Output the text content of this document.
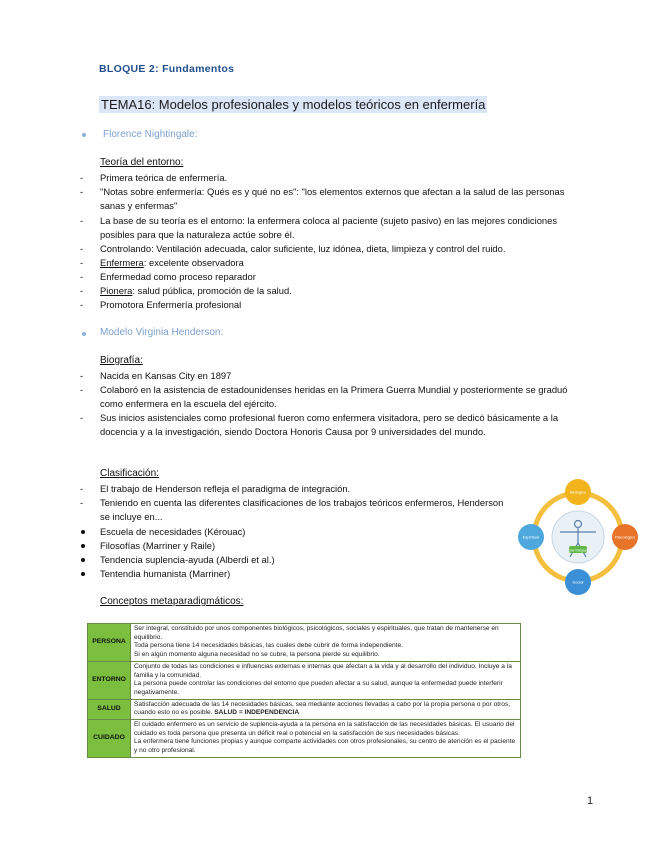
BLOQUE 2: Fundamentos
TEMA16: Modelos profesionales y modelos teóricos en enfermería
Florence Nightingale:
Teoría del entorno:
- Primera teórica de enfermería.
- "Notas sobre enfermería: Qués es y qué no es": "los elementos externos que afectan a la salud de las personas sanas y enfermas"
- La base de su teoría es el entorno: la enfermera coloca al paciente (sujeto pasivo) en las mejores condiciones posibles para que la naturaleza actúe sobre él.
- Controlando: Ventilación adecuada, calor suficiente, luz idónea, dieta, limpieza y control del ruido.
- Enfermera: excelente observadora
- Enfermedad como proceso reparador
- Pionera: salud pública, promoción de la salud.
- Promotora Enfermería profesional
Modelo Virginia Henderson:
Biografía:
- Nacida en Kansas City en 1897
- Colaboró en la asistencia de estadounidenses heridas en la Primera Guerra Mundial y posteriormente se graduó como enfermera en la escuela del ejército.
- Sus inicios asistenciales como profesional fueron como enfermera visitadora, pero se dedicó básicamente a la docencia y a la investigación, siendo Doctora Honoris Causa por 9 universidades del mundo.
Clasificación:
- El trabajo de Henderson refleja el paradigma de integración.
- Teniendo en cuenta las diferentes clasificaciones de los trabajos teóricos enfermeros, Henderson se incluye en...
Escuela de necesidades (Kérouac)
Filosofías (Marriner y Raile)
Tendencia suplencia-ayuda (Alberdi et al.)
Tentendia humanista (Marriner)
Conceptos metaparadigmáticos:
Ser integral
Biológico
Psicológico
Social
Espiritual
PERSONA	Ser integral, constituido por unos componentes biológicos, psicológicos, sociales y espirituales, que tratan de mantenerse en equilibrio.
Toda persona tiene 14 necesidades básicas, las cuales debe cubrir de forma independiente.
Si en algún momento alguna necesidad no se cubre, la persona pierde su equilibrio.

ENTORNO	Conjunto de todas las condiciones e influencias externas e internas que afectan a la vida y al desarrollo del individuo. Incluye a la familia y la comunidad.
La persona puede controlar las condiciones del entorno que pueden afectar a su salud, aunque la enfermedad puede interferir negativamente.

SALUD	Satisfacción adecuada de las 14 necesidades básicas, sea mediante acciones llevadas a cabo por la propia persona o por otros, cuando esto no es posible. SALUD = INDEPENDENCIA

CUIDADO	El cuidado enfermero es un servicio de suplencia-ayuda a la persona en la satisfacción de las necesidades básicas. El usuario del cuidado es toda persona que presenta un déficit real o potencial en la satisfacción de sus necesidades básicas.
La enfermera tiene funciones propias y aunque comparte actividades con otros profesionales, su centro de atención es el paciente y no otro profesional.
1
